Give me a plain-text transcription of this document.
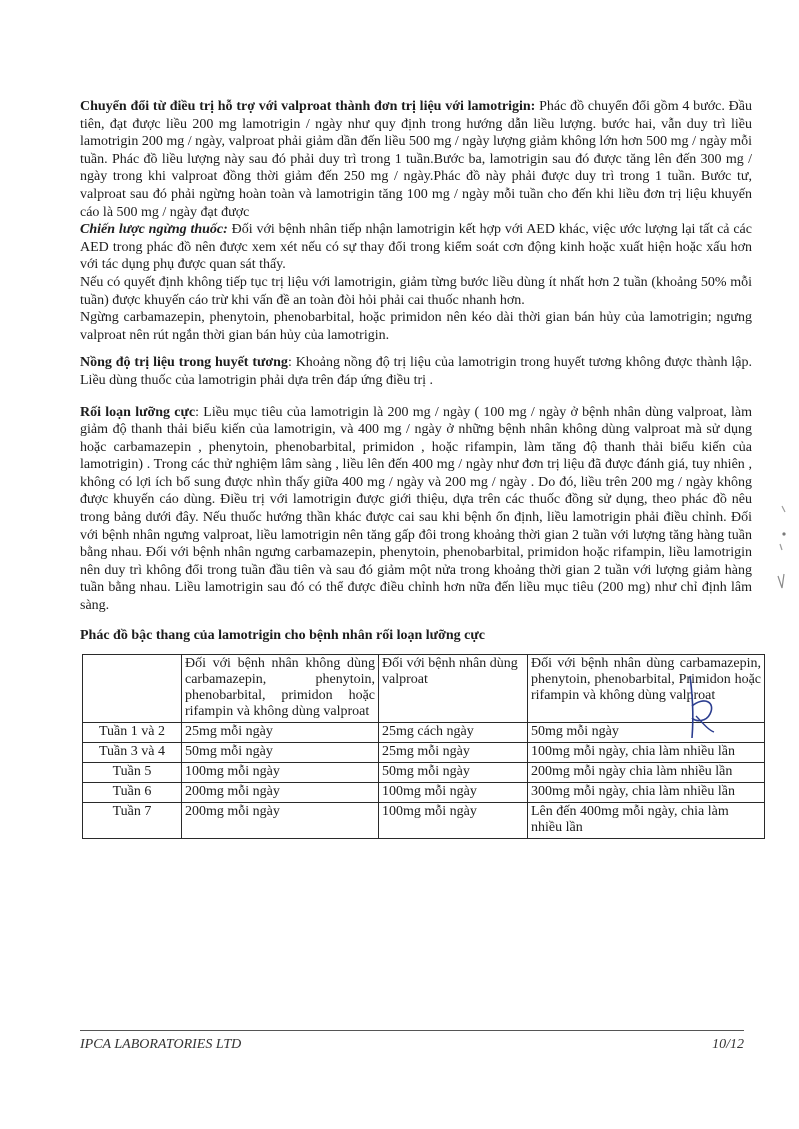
Chuyển đổi từ điều trị hỗ trợ với valproat thành đơn trị liệu với lamotrigin: Phác đồ chuyển đổi gồm 4 bước. Đầu tiên, đạt được liều 200 mg lamotrigin / ngày như quy định trong hướng dẫn liều lượng. bước hai, vẫn duy trì liều lamotrigin 200 mg / ngày, valproat phải giảm dần đến liều 500 mg / ngày lượng giảm không lớn hơn 500 mg / ngày mỗi tuần. Phác đồ liều lượng này sau đó phải duy trì trong 1 tuần.Bước ba, lamotrigin sau đó được tăng lên đến 300 mg / ngày trong khi valproat đồng thời giảm đến 250 mg / ngày.Phác đồ này phải được duy trì trong 1 tuần. Bước tư, valproat sau đó phải ngừng hoàn toàn và lamotrigin tăng 100 mg / ngày mỗi tuần cho đến khi liều đơn trị liệu khuyến cáo là 500 mg / ngày đạt được

Chiến lược ngừng thuốc: Đối với bệnh nhân tiếp nhận lamotrigin kết hợp với AED khác, việc ước lượng lại tất cả các AED trong phác đồ nên được xem xét nếu có sự thay đổi trong kiểm soát cơn động kinh hoặc xuất hiện hoặc xấu hơn với tác dụng phụ được quan sát thấy.

Nếu có quyết định không tiếp tục trị liệu với lamotrigin, giảm từng bước liều dùng ít nhất hơn 2 tuần (khoảng 50% mỗi tuần) được khuyến cáo trừ khi vấn đề an toàn đòi hỏi phải cai thuốc nhanh hơn.

Ngừng carbamazepin, phenytoin, phenobarbital, hoặc primidon nên kéo dài thời gian bán hủy của lamotrigin; ngưng valproat nên rút ngắn thời gian bán hủy của lamotrigin.

Nồng độ trị liệu trong huyết tương: Khoảng nồng độ trị liệu của lamotrigin trong huyết tương không được thành lập. Liều dùng thuốc của lamotrigin phải dựa trên đáp ứng điều trị .

Rối loạn lưỡng cực: Liều mục tiêu của lamotrigin là 200 mg / ngày ( 100 mg / ngày ở bệnh nhân dùng valproat, làm giảm độ thanh thải biểu kiến của lamotrigin, và 400 mg / ngày ở những bệnh nhân không dùng valproat mà sử dụng hoặc carbamazepin , phenytoin, phenobarbital, primidon , hoặc rifampin, làm tăng độ thanh thải biểu kiến của lamotrigin) . Trong các thử nghiệm lâm sàng , liều lên đến 400 mg / ngày như đơn trị liệu đã được đánh giá, tuy nhiên , không có lợi ích bổ sung được nhìn thấy giữa 400 mg / ngày và 200 mg / ngày . Do đó, liều trên 200 mg / ngày không được khuyến cáo dùng. Điều trị với lamotrigin được giới thiệu, dựa trên các thuốc đồng sử dụng, theo phác đồ nêu trong bảng dưới đây. Nếu thuốc hướng thần khác được cai sau khi bệnh ổn định, liều lamotrigin phải điều chỉnh. Đối với bệnh nhân ngưng valproat, liều lamotrigin nên tăng gấp đôi trong khoảng thời gian 2 tuần với lượng tăng hàng tuần bằng nhau. Đối với bệnh nhân ngưng carbamazepin, phenytoin, phenobarbital, primidon hoặc rifampin, liều lamotrigin nên duy trì không đổi trong tuần đầu tiên và sau đó giảm một nửa trong khoảng thời gian 2 tuần với lượng giảm hàng tuần bằng nhau. Liều lamotrigin sau đó có thể được điều chỉnh hơn nữa đến liều mục tiêu (200 mg) như chỉ định lâm sàng.

Phác đồ bậc thang của lamotrigin cho bệnh nhân rối loạn lưỡng cực
	Đối với bệnh nhân không dùng carbamazepin, phenytoin, phenobarbital, primidon hoặc rifampin và không dùng valproat	Đối với bệnh nhân dùng valproat	Đối với bệnh nhân dùng carbamazepin, phenytoin, phenobarbital, Primidon hoặc rifampin và không dùng valproat
Tuần 1 và 2	25mg mỗi ngày	25mg cách ngày	50mg mỗi ngày
Tuần 3 và 4	50mg mỗi ngày	25mg mỗi ngày	100mg mỗi ngày, chia làm nhiều lần
Tuần 5	100mg mỗi ngày	50mg mỗi ngày	200mg mỗi ngày chia làm nhiều lần
Tuần 6	200mg mỗi ngày	100mg mỗi ngày	300mg mỗi ngày, chia làm nhiều lần
Tuần 7	200mg mỗi ngày	100mg mỗi ngày	Lên đến 400mg mỗi ngày, chia làm nhiều lần
IPCA LABORATORIES LTD	10/12
